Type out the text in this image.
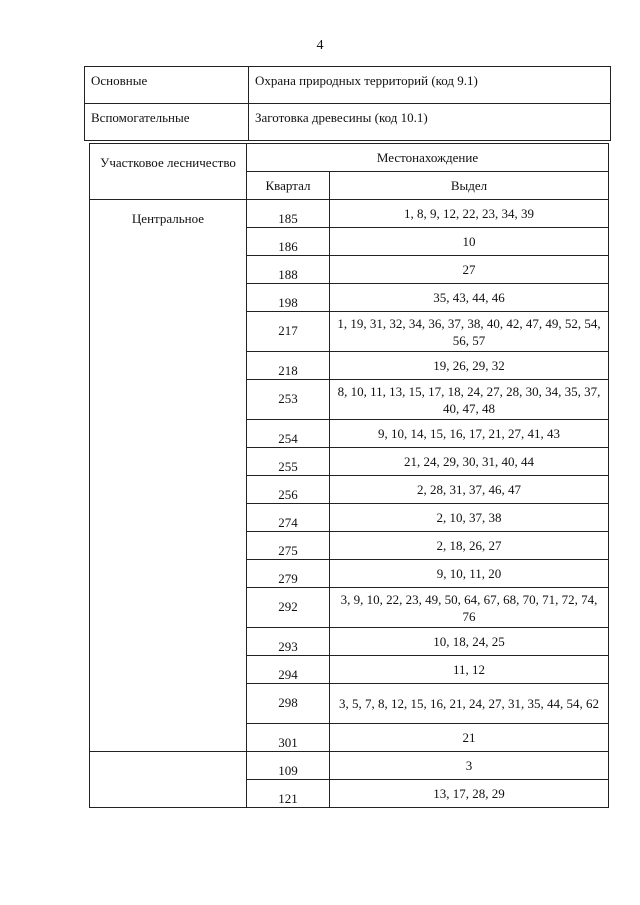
4
Основные	Охрана природных территорий (код 9.1)
Вспомогательные	Заготовка древесины (код 10.1)
Участковое лесничество	Местонахождение	
	Квартал	Выдел
Центральное	185	1, 8, 9, 12, 22, 23, 34, 39
	186	10
	188	27
	198	35, 43, 44, 46
	217	1, 19, 31, 32, 34, 36, 37, 38, 40, 42, 47, 49, 52, 54, 56, 57
	218	19, 26, 29, 32
	253	8, 10, 11, 13, 15, 17, 18, 24, 27, 28, 30, 34, 35, 37, 40, 47, 48
	254	9, 10, 14, 15, 16, 17, 21, 27, 41, 43
	255	21, 24, 29, 30, 31, 40, 44
	256	2, 28, 31, 37, 46, 47
	274	2, 10, 37, 38
	275	2, 18, 26, 27
	279	9, 10, 11, 20
	292	3, 9, 10, 22, 23, 49, 50, 64, 67, 68, 70, 71, 72, 74, 76
	293	10, 18, 24, 25
	294	11, 12
	298	3, 5, 7, 8, 12, 15, 16, 21, 24, 27, 31, 35, 44, 54, 62
	301	21
	109	3
	121	13, 17, 28, 29
